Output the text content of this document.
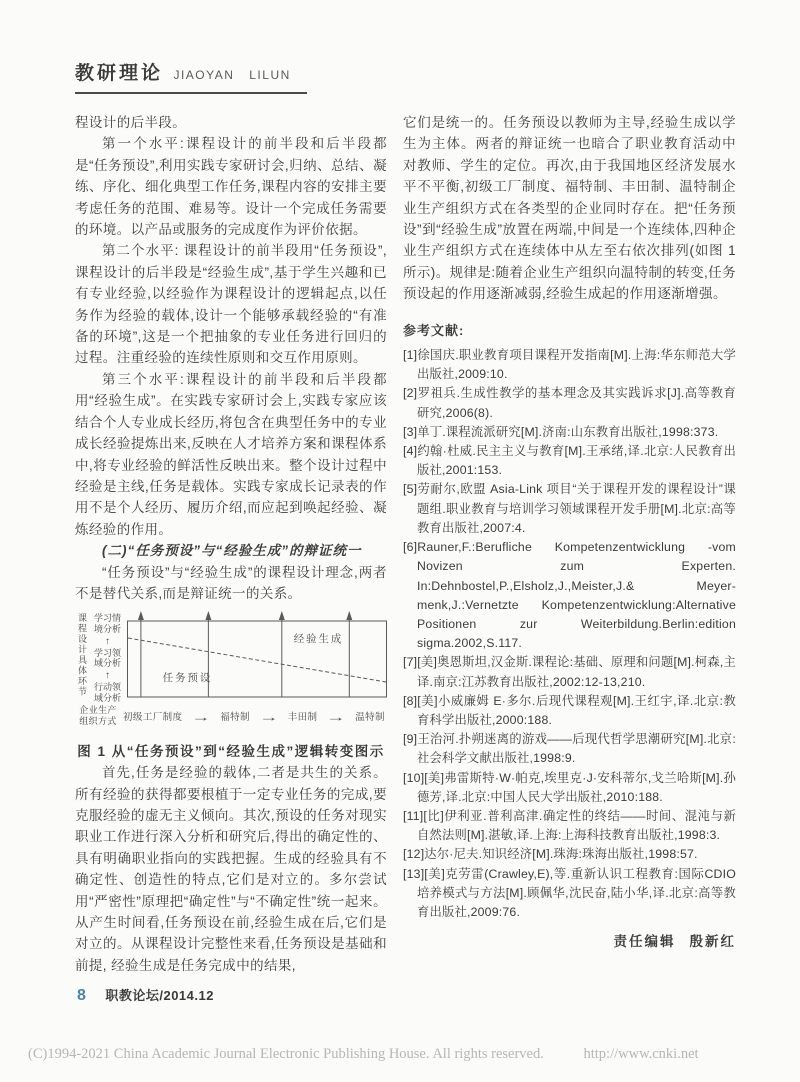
教研理论 JIAOYAN LILUN

程设计的后半段。

第一个水平:课程设计的前半段和后半段都是“任务预设”,利用实践专家研讨会,归纳、总结、凝练、序化、细化典型工作任务,课程内容的安排主要考虑任务的范围、难易等。设计一个完成任务需要的环境。以产品或服务的完成度作为评价依据。

第二个水平: 课程设计的前半段用“任务预设”,课程设计的后半段是“经验生成”,基于学生兴趣和已有专业经验,以经验作为课程设计的逻辑起点,以任务作为经验的载体,设计一个能够承载经验的“有准备的环境”,这是一个把抽象的专业任务进行回归的过程。注重经验的连续性原则和交互作用原则。

第三个水平:课程设计的前半段和后半段都用“经验生成”。在实践专家研讨会上,实践专家应该结合个人专业成长经历,将包含在典型任务中的专业成长经验提炼出来,反映在人才培养方案和课程体系中,将专业经验的鲜活性反映出来。整个设计过程中经验是主线,任务是载体。实践专家成长记录表的作用不是个人经历、履历介绍,而应起到唤起经验、凝炼经验的作用。

(二)“任务预设”与“经验生成”的辩证统一

“任务预设”与“经验生成”的课程设计理念,两者不是替代关系,而是辩证统一的关系。

课程设计具体环节 学习情境分析
↑
学习领域分析
↑
行动领域分析
任务预设
经验生成
企业生产组织方式 初级工厂制度 → 福特制 → 丰田制 → 温特制
图 1 从“任务预设”到“经验生成”逻辑转变图示

首先,任务是经验的载体,二者是共生的关系。所有经验的获得都要根植于一定专业任务的完成,要克服经验的虚无主义倾向。其次,预设的任务对现实职业工作进行深入分析和研究后,得出的确定性的、具有明确职业指向的实践把握。生成的经验具有不确定性、创造性的特点,它们是对立的。多尔尝试用“严密性”原理把“确定性”与“不确定性”统一起来。从产生时间看,任务预设在前,经验生成在后,它们是对立的。从课程设计完整性来看,任务预设是基础和前提, 经验生成是任务完成中的结果,

它们是统一的。任务预设以教师为主导,经验生成以学生为主体。两者的辩证统一也暗合了职业教育活动中对教师、学生的定位。再次,由于我国地区经济发展水平不平衡,初级工厂制度、福特制、丰田制、温特制企业生产组织方式在各类型的企业同时存在。把“任务预设”到“经验生成”放置在两端,中间是一个连续体,四种企业生产组织方式在连续体中从左至右依次排列(如图 1 所示)。规律是:随着企业生产组织向温特制的转变,任务预设起的作用逐渐减弱,经验生成起的作用逐渐增强。

参考文献:

[1]徐国庆.职业教育项目课程开发指南[M].上海:华东师范大学出版社,2009:10.

[2]罗祖兵.生成性教学的基本理念及其实践诉求[J].高等教育研究,2006(8).

[3]单丁.课程流派研究[M].济南:山东教育出版社,1998:373.

[4]约翰·杜威.民主主义与教育[M].王承绪,译.北京:人民教育出版社,2001:153.

[5]劳耐尔,欧盟 Asia-Link 项目“关于课程开发的课程设计”课题组.职业教育与培训学习领域课程开发手册[M].北京:高等教育出版社,2007:4.

[6]Rauner,F.:Berufliche Kompetenzentwicklung -vom Novizen zum Experten. In:Dehnbostel,P.,Elsholz,J.,Meister,J.& Meyer-menk,J.:Vernetzte Kompetenzentwicklung:Alternative Positionen zur Weiterbildung.Berlin:edition sigma.2002,S.117.

[7][美]奥恩斯坦,汉金斯.课程论:基础、原理和问题[M].柯森,主译.南京:江苏教育出版社,2002:12-13,210.

[8][美]小威廉姆 E·多尔.后现代课程观[M].王红宇,译.北京:教育科学出版社,2000:188.

[9]王治河.扑朔迷离的游戏——后现代哲学思潮研究[M].北京:社会科学文献出版社,1998:9.

[10][美]弗雷斯特·W·帕克,埃里克·J·安科蒂尔,戈兰哈斯[M].孙德芳,译.北京:中国人民大学出版社,2010:188.

[11][比]伊利亚.普利高津.确定性的终结——时间、混沌与新自然法则[M].湛敏,译.上海:上海科技教育出版社,1998:3.

[12]达尔·尼夫.知识经济[M].珠海:珠海出版社,1998:57.

[13][美]克劳雷(Crawley,E),等.重新认识工程教育:国际CDIO 培养模式与方法[M].顾佩华,沈民奋,陆小华,译.北京:高等教育出版社,2009:76.

责任编辑 殷新红

8 职教论坛/2014.12
(C)1994-2021 China Academic Journal Electronic Publishing House. All rights reserved.	http://www.cnki.net
